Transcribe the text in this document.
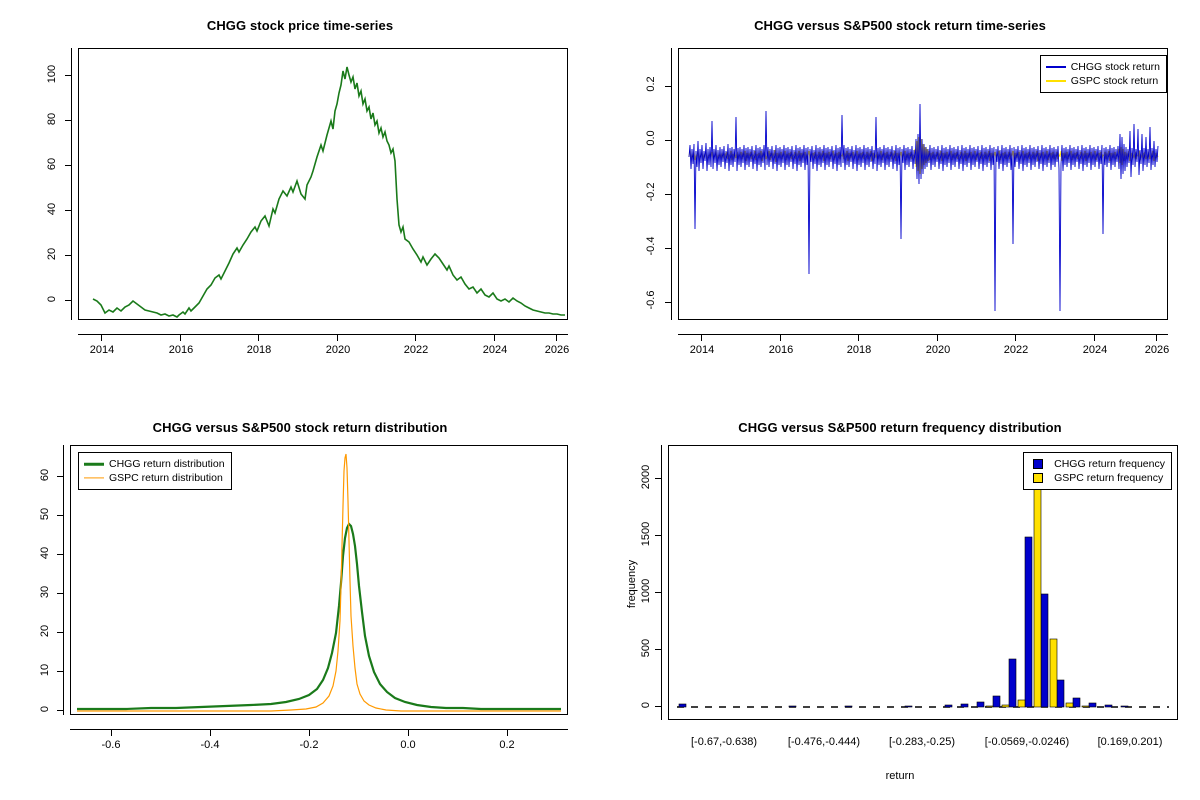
CHGG stock price time-series
0
20
40
60
80
100
2014	2016	2018	2020	2022	2024	2026
CHGG versus S&P500 stock return time-series
CHGG stock return
GSPC stock return
-0.6
-0.4
-0.2
0.0
0.2
2014	2016	2018	2020	2022	2024	2026
CHGG versus S&P500 stock return distribution
CHGG return distribution
GSPC return distribution
0
10
20
30
40
50
60
-0.6	-0.4	-0.2	0.0	0.2
CHGG versus S&P500 return frequency distribution
CHGG return frequency
GSPC return frequency
0
500
1000
1500
2000
frequency
[-0.67,-0.638)	[-0.476,-0.444)	[-0.283,-0.25)	[-0.0569,-0.0246)	[0.169,0.201)
return
